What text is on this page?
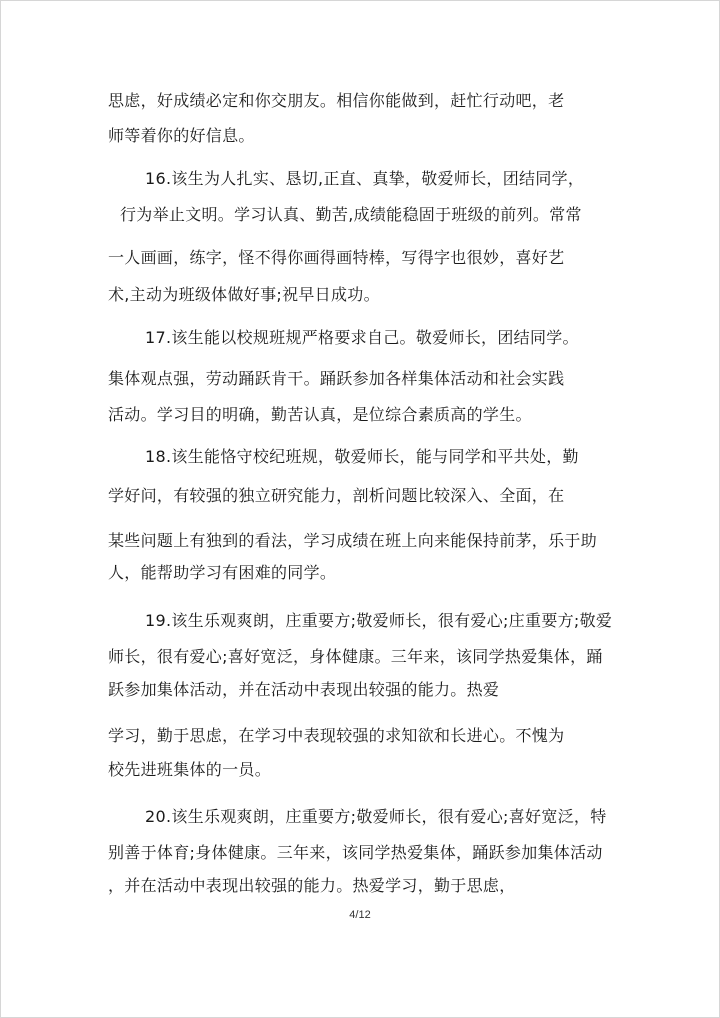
思虑，好成绩必定和你交朋友。相信你能做到，赶忙行动吧，老
师等着你的好信息。
16.该生为人扎实、恳切,正直、真挚，敬爱师长，团结同学，
行为举止文明。学习认真、勤苦,成绩能稳固于班级的前列。常常
一人画画，练字，怪不得你画得画特棒，写得字也很妙，喜好艺
术,主动为班级体做好事;祝早日成功。
17.该生能以校规班规严格要求自己。敬爱师长，团结同学。
集体观点强，劳动踊跃肯干。踊跃参加各样集体活动和社会实践
活动。学习目的明确，勤苦认真，是位综合素质高的学生。
18.该生能恪守校纪班规，敬爱师长，能与同学和平共处，勤
学好问，有较强的独立研究能力，剖析问题比较深入、全面，在
某些问题上有独到的看法，学习成绩在班上向来能保持前茅，乐于助
人，能帮助学习有困难的同学。
19.该生乐观爽朗，庄重要方;敬爱师长，很有爱心;庄重要方;敬爱
师长，很有爱心;喜好宽泛，身体健康。三年来，该同学热爱集体，踊
跃参加集体活动，并在活动中表现出较强的能力。热爱
学习，勤于思虑，在学习中表现较强的求知欲和长进心。不愧为
校先进班集体的一员。
20.该生乐观爽朗，庄重要方;敬爱师长，很有爱心;喜好宽泛，特
别善于体育;身体健康。三年来，该同学热爱集体，踊跃参加集体活动
，并在活动中表现出较强的能力。热爱学习，勤于思虑，
4/12
